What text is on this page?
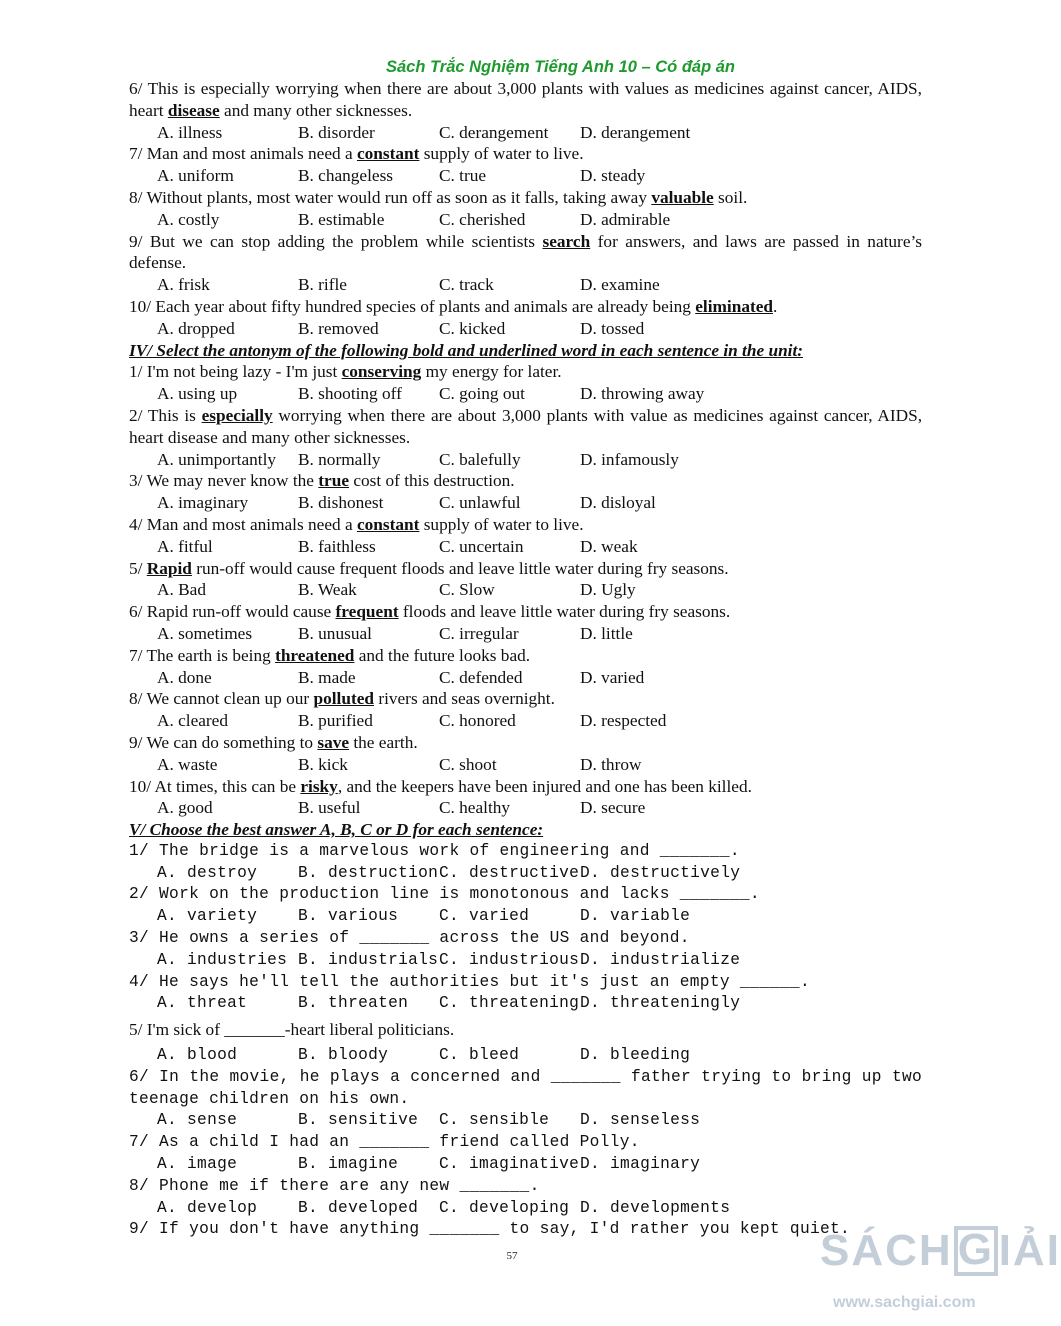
Sách Trắc Nghiệm Tiếng Anh 10 – Có đáp án
6/ This is especially worrying when there are about 3,000 plants with values as medicines against cancer, AIDS, heart disease and many other sicknesses.
A. illness	B. disorder	C. derangement	D. derangement
7/ Man and most animals need a constant supply of water to live.
A. uniform	B. changeless	C. true	D. steady
8/ Without plants, most water would run off as soon as it falls, taking away valuable soil.
A. costly	B. estimable	C. cherished	D. admirable
9/ But we can stop adding the problem while scientists search for answers, and laws are passed in nature’s defense.
A. frisk	B. rifle	C. track	D. examine
10/ Each year about fifty hundred species of plants and animals are already being eliminated.
A. dropped	B. removed	C. kicked	D. tossed
IV/ Select the antonym of the following bold and underlined word in each sentence in the unit:
1/ I'm not being lazy - I'm just conserving my energy for later.
A. using up	B. shooting off	C. going out	D. throwing away
2/ This is especially worrying when there are about 3,000 plants with value as medicines against cancer, AIDS, heart disease and many other sicknesses.
A. unimportantly	B. normally	C. balefully	D. infamously
3/ We may never know the true cost of this destruction.
A. imaginary	B. dishonest	C. unlawful	D. disloyal
4/ Man and most animals need a constant supply of water to live.
A. fitful	B. faithless	C. uncertain	D. weak
5/ Rapid run-off would cause frequent floods and leave little water during fry seasons.
A. Bad	B. Weak	C. Slow	D. Ugly
6/ Rapid run-off would cause frequent floods and leave little water during fry seasons.
A. sometimes	B. unusual	C. irregular	D. little
7/ The earth is being threatened and the future looks bad.
A. done	B. made	C. defended	D. varied
8/ We cannot clean up our polluted rivers and seas overnight.
A. cleared	B. purified	C. honored	D. respected
9/ We can do something to save the earth.
A. waste	B. kick	C. shoot	D. throw
10/ At times, this can be risky, and the keepers have been injured and one has been killed.
A. good	B. useful	C. healthy	D. secure
V/ Choose the best answer A, B, C or D for each sentence:
1/ The bridge is a marvelous work of engineering and _______.
A. destroy	B. destruction C. destructive D. destructively
2/ Work on the production line is monotonous and lacks _______.
A. variety	B. various	C. varied	D. variable
3/ He owns a series of _______ across the US and beyond.
A. industries B. industrials C. industrious D. industrialize
4/ He says he'll tell the authorities but it's just an empty ______.
A. threat	B. threaten	C. threatening D. threateningly
5/ I'm sick of _______-heart liberal politicians.
A. blood	B. bloody	C. bleed	D. bleeding
6/ In the movie, he plays a concerned and _______ father trying to bring up two teenage children on his own.
A. sense	B. sensitive	C. sensible	D. senseless
7/ As a child I had an _______ friend called Polly.
A. image	B. imagine	C. imaginative D. imaginary
8/ Phone me if there are any new _______.
A. develop	B. developed	C. developing D. developments
9/ If you don't have anything _______ to say, I'd rather you kept quiet.
57	SÁCH G IẢI
www.sachgiai.com
